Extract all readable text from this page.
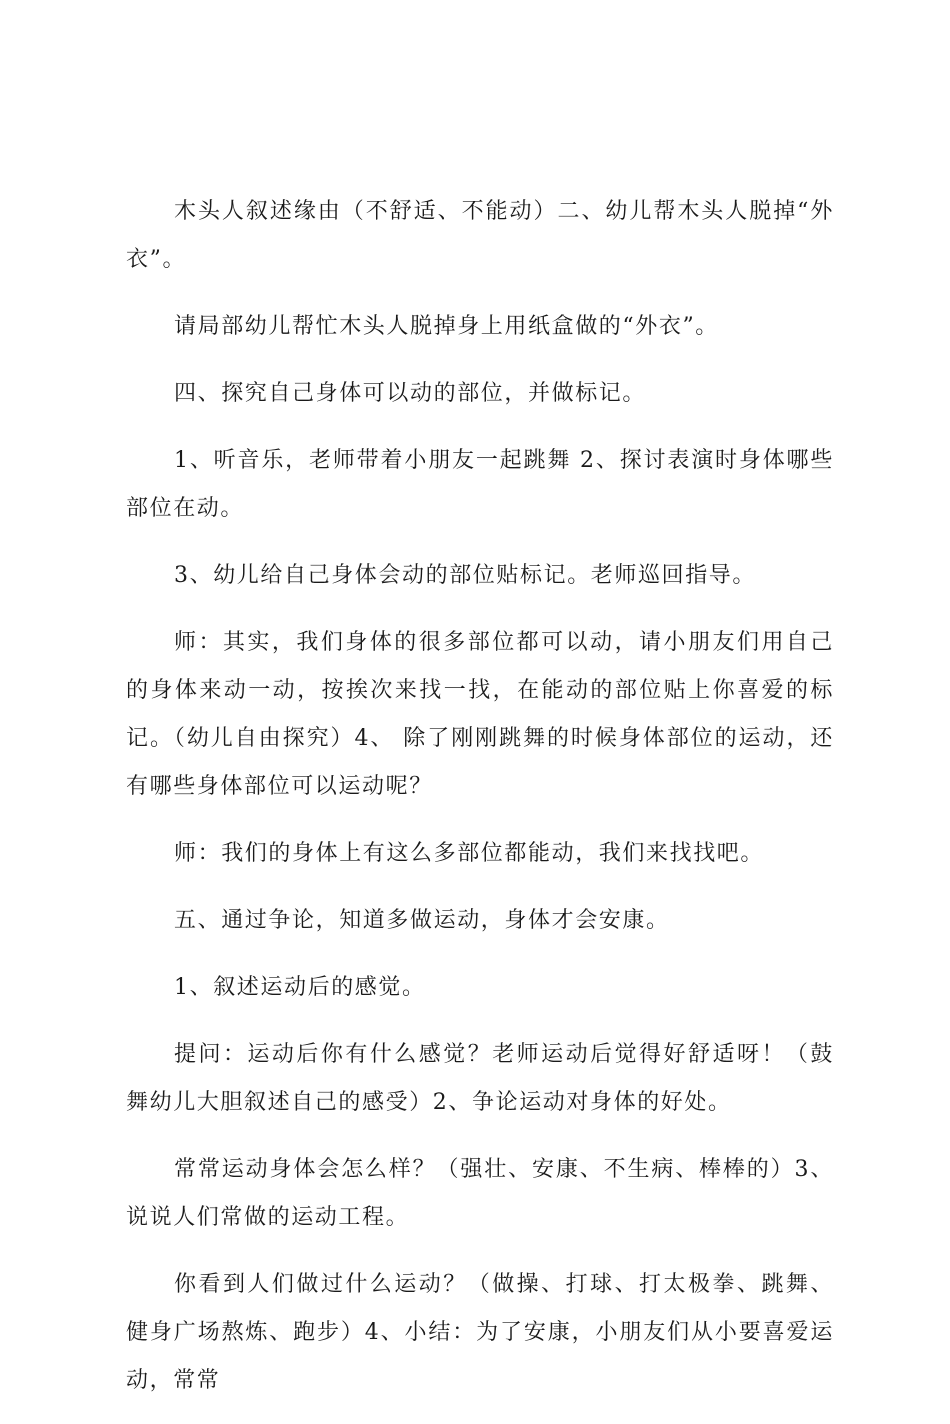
木头人叙述缘由（不舒适、不能动）二、幼儿帮木头人脱掉“外衣”。

请局部幼儿帮忙木头人脱掉身上用纸盒做的“外衣”。

四、探究自己身体可以动的部位，并做标记。

1、听音乐，老师带着小朋友一起跳舞 2、探讨表演时身体哪些部位在动。

3、幼儿给自己身体会动的部位贴标记。老师巡回指导。

师：其实，我们身体的很多部位都可以动，请小朋友们用自己的身体来动一动，按挨次来找一找，在能动的部位贴上你喜爱的标记。（幼儿自由探究）4、 除了刚刚跳舞的时候身体部位的运动，还有哪些身体部位可以运动呢？

师：我们的身体上有这么多部位都能动，我们来找找吧。

五、通过争论，知道多做运动，身体才会安康。

1、叙述运动后的感觉。

提问：运动后你有什么感觉？老师运动后觉得好舒适呀！（鼓舞幼儿大胆叙述自己的感受）2、争论运动对身体的好处。

常常运动身体会怎么样？（强壮、安康、不生病、棒棒的）3、说说人们常做的运动工程。

你看到人们做过什么运动？（做操、打球、打太极拳、跳舞、健身广场熬炼、跑步）4、小结：为了安康，小朋友们从小要喜爱运动，常常
